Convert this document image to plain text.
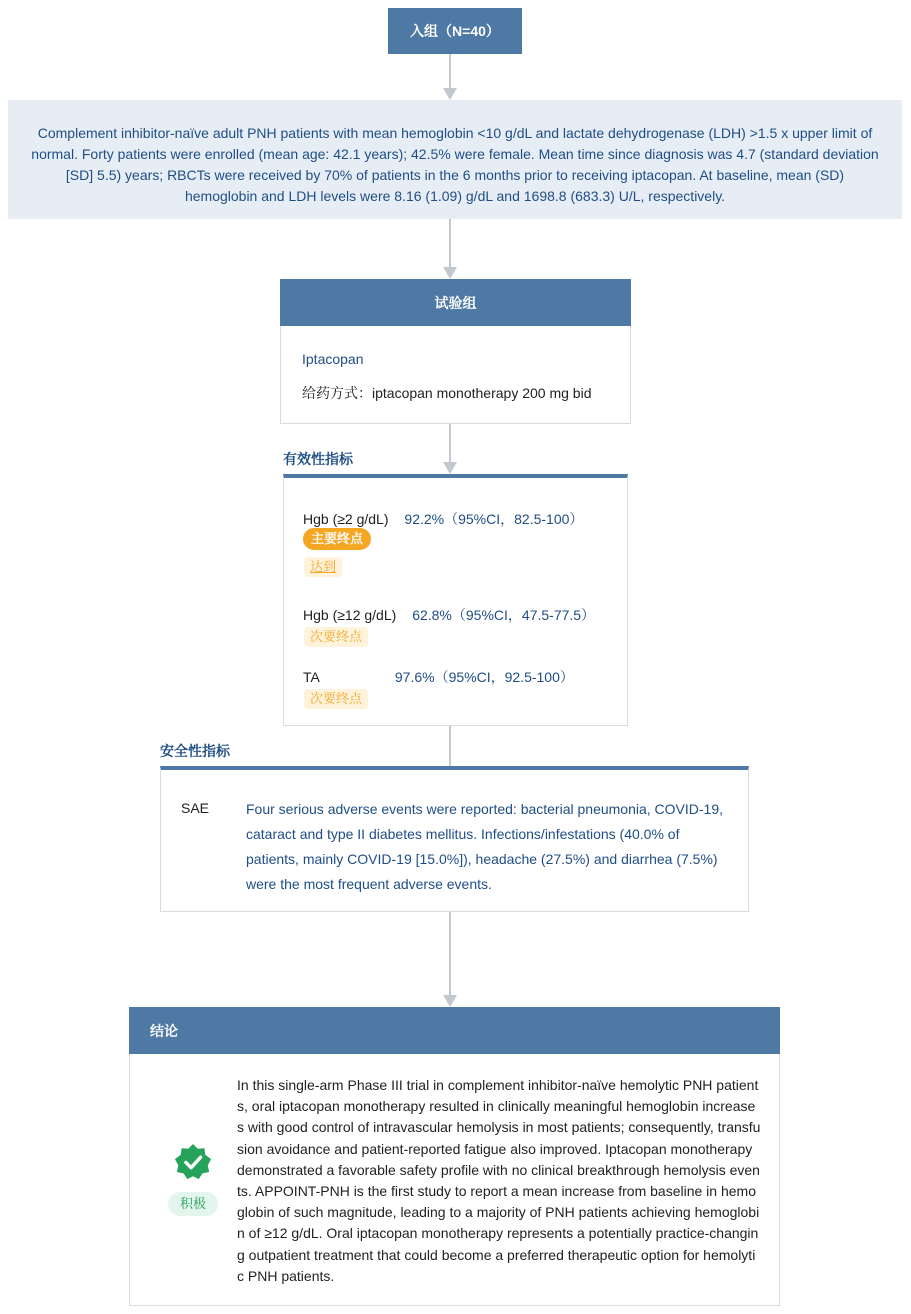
入组（N=40）
Complement inhibitor-naïve adult PNH patients with mean hemoglobin <10 g/dL and lactate dehydrogenase (LDH) >1.5 x upper limit of normal. Forty patients were enrolled (mean age: 42.1 years); 42.5% were female. Mean time since diagnosis was 4.7 (standard deviation [SD] 5.5) years; RBCTs were received by 70% of patients in the 6 months prior to receiving iptacopan. At baseline, mean (SD) hemoglobin and LDH levels were 8.16 (1.09) g/dL and 1698.8 (683.3) U/L, respectively.
试验组
Iptacopan
给药方式：iptacopan monotherapy 200 mg bid
有效性指标
Hgb (≥2 g/dL) 92.2%（95%CI，82.5-100）
主要终点
达到
Hgb (≥12 g/dL) 62.8%（95%CI，47.5-77.5）
次要终点
TA	97.6%（95%CI，92.5-100）
次要终点
安全性指标
SAE	Four serious adverse events were reported: bacterial pneumonia, COVID-19, cataract and type II diabetes mellitus. Infections/infestations (40.0% of patients, mainly COVID-19 [15.0%]), headache (27.5%) and diarrhea (7.5%) were the most frequent adverse events.
结论
积极
In this single-arm Phase III trial in complement inhibitor-naïve hemolytic PNH patients, oral iptacopan monotherapy resulted in clinically meaningful hemoglobin increases with good control of intravascular hemolysis in most patients; consequently, transfusion avoidance and patient-reported fatigue also improved. Iptacopan monotherapy demonstrated a favorable safety profile with no clinical breakthrough hemolysis events. APPOINT-PNH is the first study to report a mean increase from baseline in hemoglobin of such magnitude, leading to a majority of PNH patients achieving hemoglobin of ≥12 g/dL. Oral iptacopan monotherapy represents a potentially practice-changing outpatient treatment that could become a preferred therapeutic option for hemolytic PNH patients.
